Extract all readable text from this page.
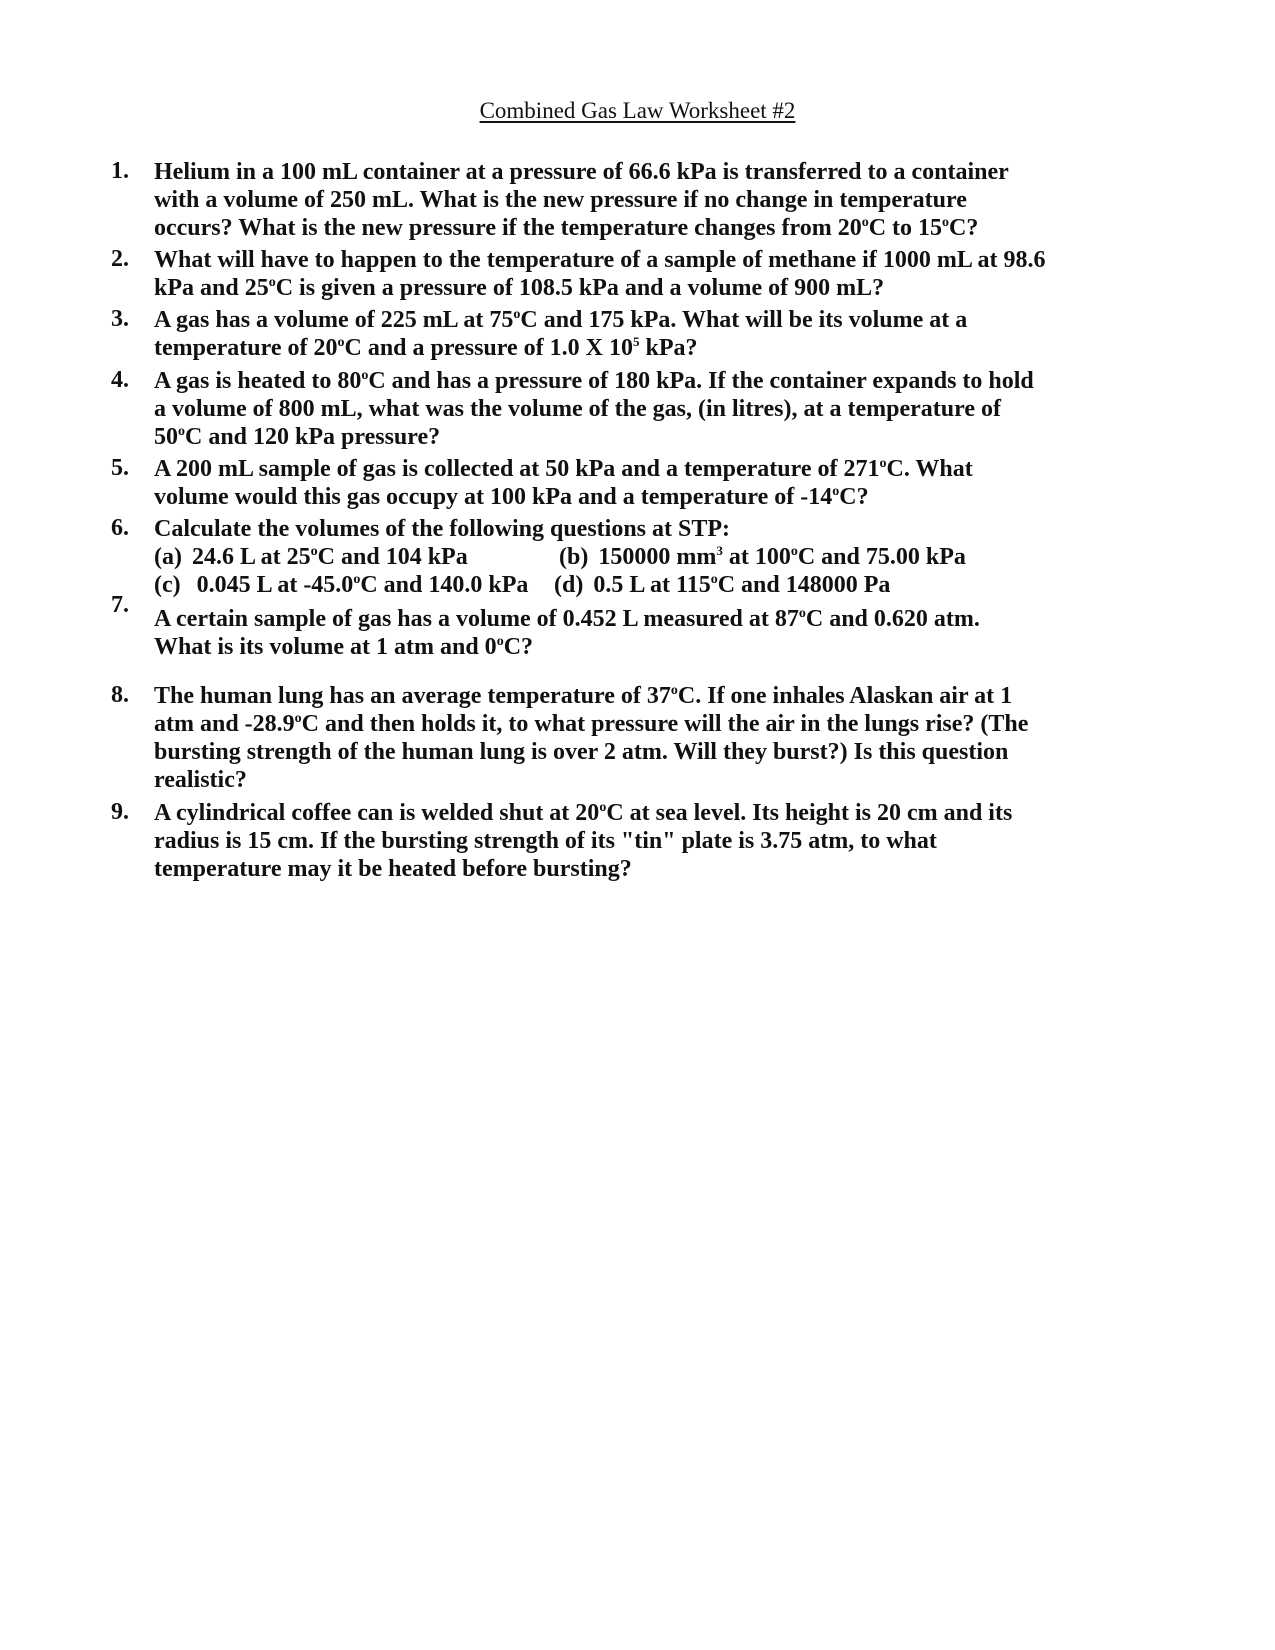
Combined Gas Law Worksheet #2
1.	Helium in a 100 mL container at a pressure of 66.6 kPa is transferred to a container
with a volume of 250 mL. What is the new pressure if no change in temperature
occurs? What is the new pressure if the temperature changes from 20$^o$C to 15$^o$C?
2.	What will have to happen to the temperature of a sample of methane if 1000 mL at 98.6
kPa and 25$^o$C is given a pressure of 108.5 kPa and a volume of 900 mL?
3.	A gas has a volume of 225 mL at 75$^o$C and 175 kPa. What will be its volume at a
temperature of 20$^o$C and a pressure of 1.0 X $10^5$ kPa?
4.	A gas is heated to 80$^o$C and has a pressure of 180 kPa. If the container expands to hold
a volume of 800 mL, what was the volume of the gas, (in litres), at a temperature of
50$^o$C and 120 kPa pressure?
5.	A 200 mL sample of gas is collected at 50 kPa and a temperature of 271$^o$C. What
volume would this gas occupy at 100 kPa and a temperature of -14$^o$C?
6.	Calculate the volumes of the following questions at STP:
(a) 24.6 L at 25$^o$C and 104 kPa	(b) 150000 $mm^3$ at 100$^o$C and 75.00 kPa
(c) 0.045 L at -45.0$^o$C and 140.0 kPa (d) 0.5 L at 115$^o$C and 148000 Pa
7.
A certain sample of gas has a volume of 0.452 L measured at 87$^o$C and 0.620 atm.
What is its volume at 1 atm and 0$^o$C?
8.	The human lung has an average temperature of 37$^o$C. If one inhales Alaskan air at 1
atm and -28.9$^o$C and then holds it, to what pressure will the air in the lungs rise? (The
bursting strength of the human lung is over 2 atm. Will they burst?) Is this question
realistic?
9.	A cylindrical coffee can is welded shut at 20$^o$C at sea level. Its height is 20 cm and its
radius is 15 cm. If the bursting strength of its "tin" plate is 3.75 atm, to what
temperature may it be heated before bursting?
